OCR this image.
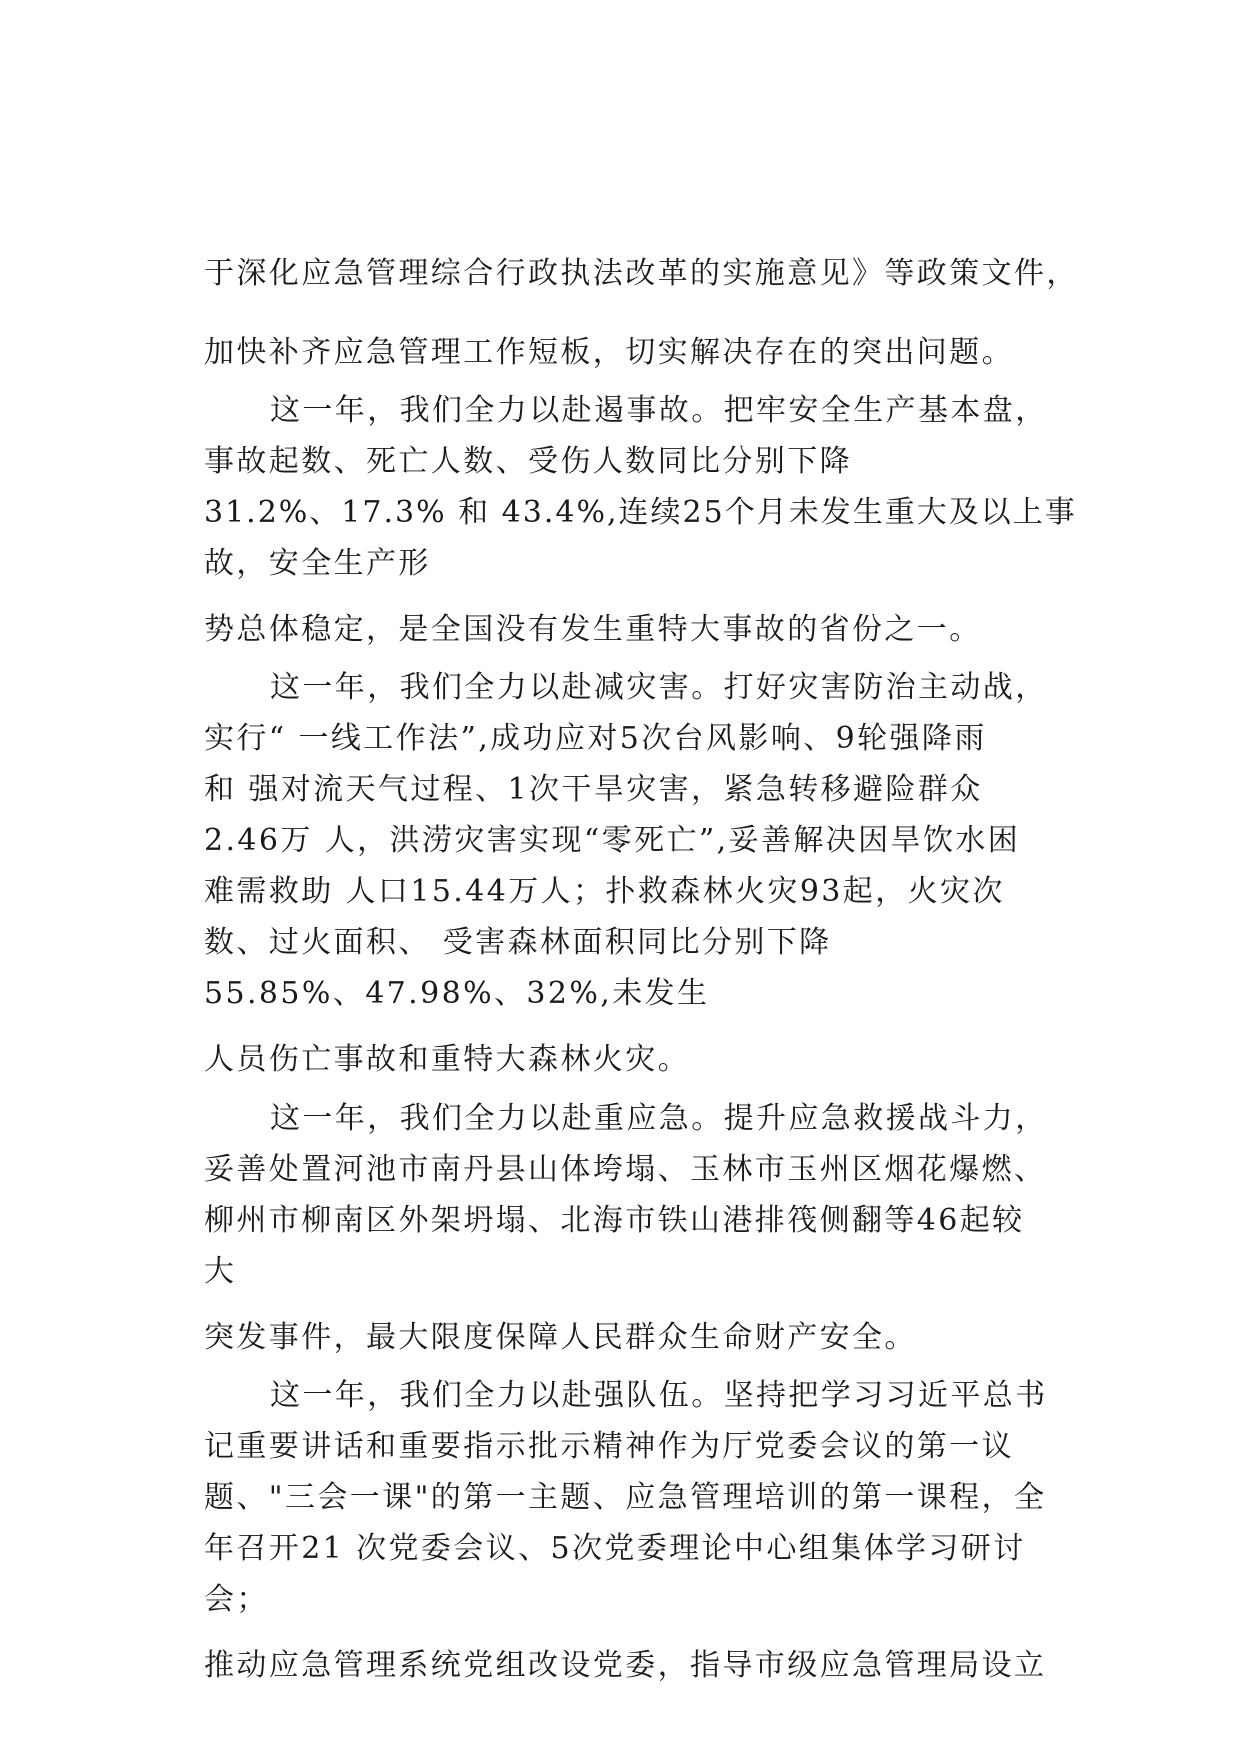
于深化应急管理综合行政执法改革的实施意见》等政策文件，

加快补齐应急管理工作短板，切实解决存在的突出问题。

这一年，我们全力以赴遏事故。把牢安全生产基本盘，

事故起数、死亡人数、受伤人数同比分别下降

31.2%、17.3% 和 43.4%,连续25个月未发生重大及以上事

故，安全生产形

势总体稳定，是全国没有发生重特大事故的省份之一。

这一年，我们全力以赴减灾害。打好灾害防治主动战，

实行“ 一线工作法”,成功应对5次台风影响、9轮强降雨

和 强对流天气过程、1次干旱灾害，紧急转移避险群众

2.46万 人，洪涝灾害实现“零死亡”,妥善解决因旱饮水困

难需救助 人口15.44万人；扑救森林火灾93起，火灾次

数、过火面积、 受害森林面积同比分别下降

55.85%、47.98%、32%,未发生

人员伤亡事故和重特大森林火灾。

这一年，我们全力以赴重应急。提升应急救援战斗力，

妥善处置河池市南丹县山体垮塌、玉林市玉州区烟花爆燃、

柳州市柳南区外架坍塌、北海市铁山港排筏侧翻等46起较

大

突发事件，最大限度保障人民群众生命财产安全。

这一年，我们全力以赴强队伍。坚持把学习习近平总书

记重要讲话和重要指示批示精神作为厅党委会议的第一议

题、"三会一课"的第一主题、应急管理培训的第一课程，全

年召开21 次党委会议、5次党委理论中心组集体学习研讨

会；

推动应急管理系统党组改设党委，指导市级应急管理局设立
